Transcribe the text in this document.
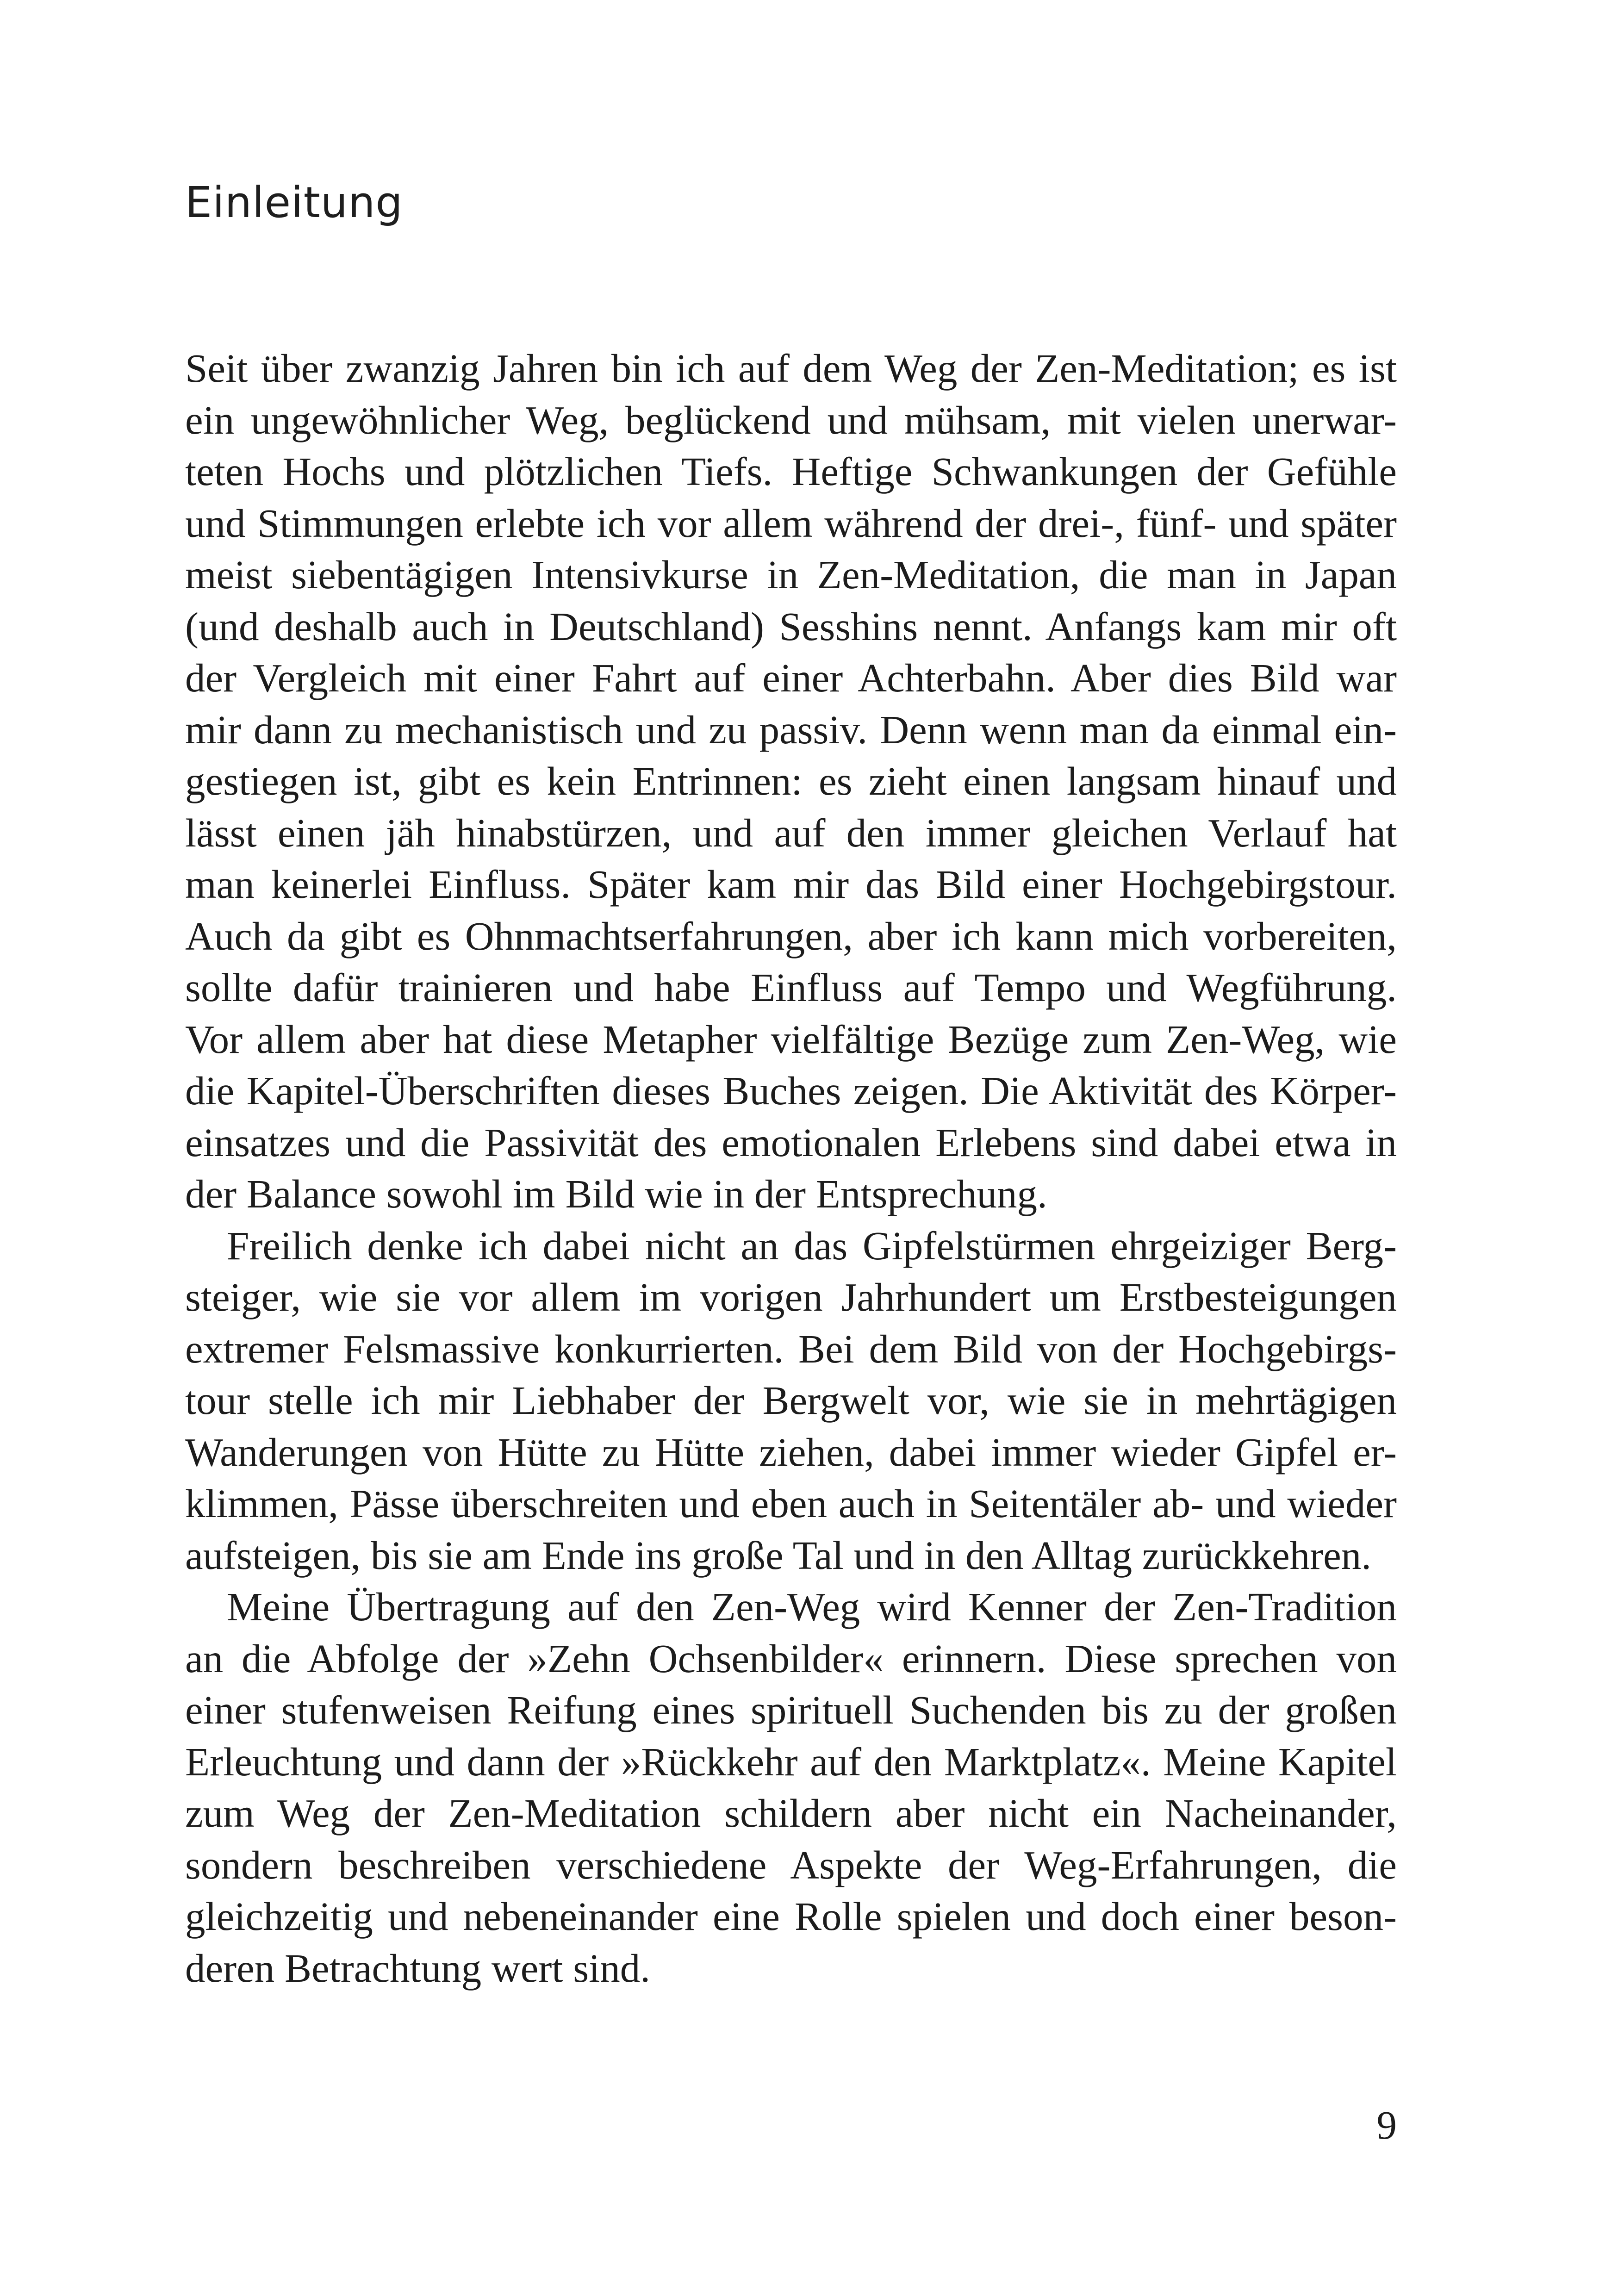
Einleitung

Seit über zwanzig Jahren bin ich auf dem Weg der Zen-Meditation; es ist
ein ungewöhnlicher Weg, beglückend und mühsam, mit vielen unerwar-
teten Hochs und plötzlichen Tiefs. Heftige Schwankungen der Gefühle
und Stimmungen erlebte ich vor allem während der drei-, fünf- und später
meist siebentägigen Intensivkurse in Zen-Meditation, die man in Japan
(und deshalb auch in Deutschland) Sesshins nennt. Anfangs kam mir oft
der Vergleich mit einer Fahrt auf einer Achterbahn. Aber dies Bild war
mir dann zu mechanistisch und zu passiv. Denn wenn man da einmal ein-
gestiegen ist, gibt es kein Entrinnen: es zieht einen langsam hinauf und
lässt einen jäh hinabstürzen, und auf den immer gleichen Verlauf hat
man keinerlei Einfluss. Später kam mir das Bild einer Hochgebirgstour.
Auch da gibt es Ohnmachtserfahrungen, aber ich kann mich vorbereiten,
sollte dafür trainieren und habe Einfluss auf Tempo und Wegführung.
Vor allem aber hat diese Metapher vielfältige Bezüge zum Zen-Weg, wie
die Kapitel-Überschriften dieses Buches zeigen. Die Aktivität des Körper-
einsatzes und die Passivität des emotionalen Erlebens sind dabei etwa in
der Balance sowohl im Bild wie in der Entsprechung.

Freilich denke ich dabei nicht an das Gipfelstürmen ehrgeiziger Berg-
steiger, wie sie vor allem im vorigen Jahrhundert um Erstbesteigungen
extremer Felsmassive konkurrierten. Bei dem Bild von der Hochgebirgs-
tour stelle ich mir Liebhaber der Bergwelt vor, wie sie in mehrtägigen
Wanderungen von Hütte zu Hütte ziehen, dabei immer wieder Gipfel er-
klimmen, Pässe überschreiten und eben auch in Seitentäler ab- und wieder
aufsteigen, bis sie am Ende ins große Tal und in den Alltag zurückkehren.

Meine Übertragung auf den Zen-Weg wird Kenner der Zen-Tradition
an die Abfolge der »Zehn Ochsenbilder« erinnern. Diese sprechen von
einer stufenweisen Reifung eines spirituell Suchenden bis zu der großen
Erleuchtung und dann der »Rückkehr auf den Marktplatz«. Meine Kapitel
zum Weg der Zen-Meditation schildern aber nicht ein Nacheinander,
sondern beschreiben verschiedene Aspekte der Weg-Erfahrungen, die
gleichzeitig und nebeneinander eine Rolle spielen und doch einer beson-
deren Betrachtung wert sind.

9
